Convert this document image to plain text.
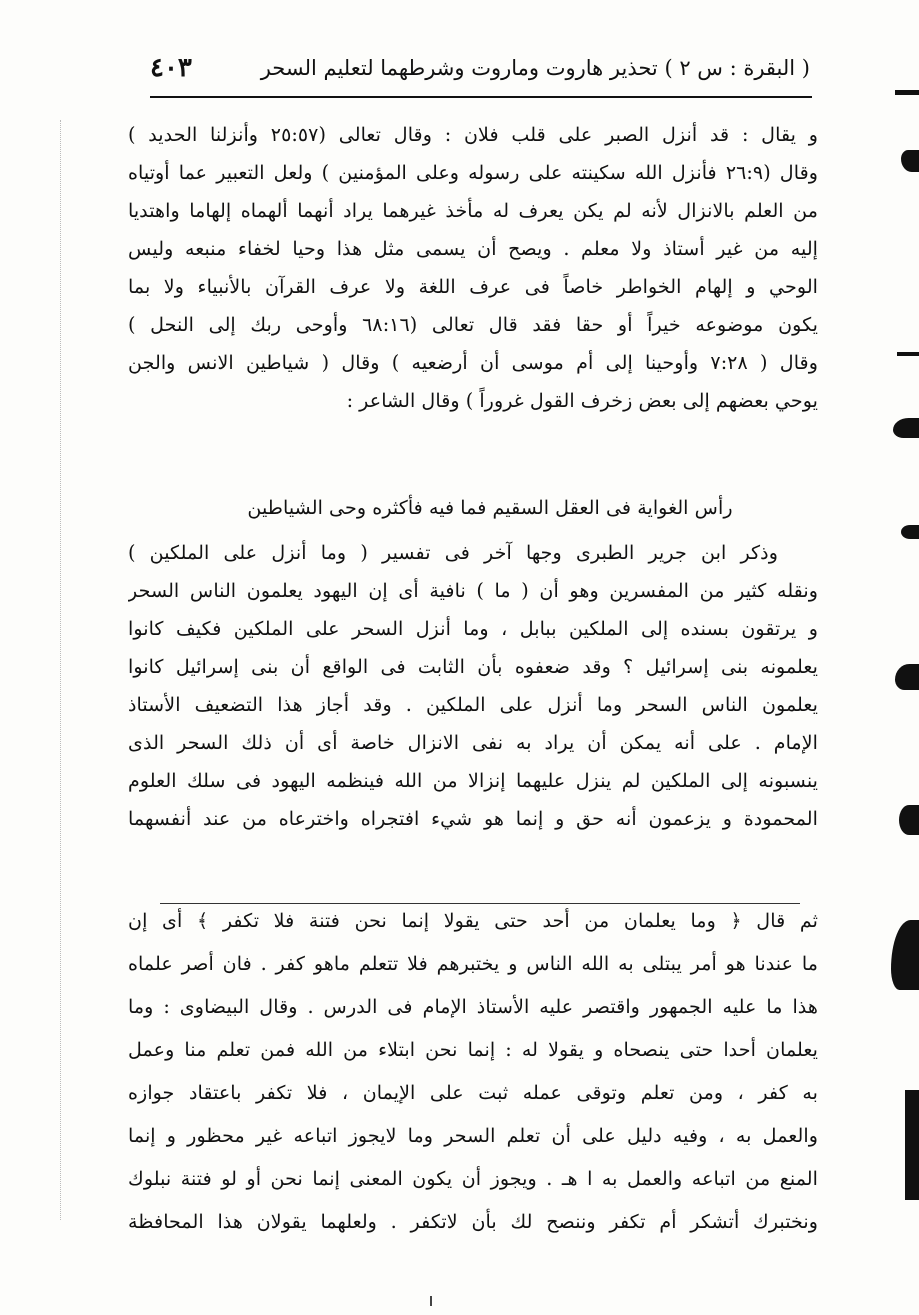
( البقرة : س ٢ ) تحذير هاروت وماروت وشرطهما لتعليم السحر
٤٠٣
و يقال : قد أنزل الصبر على قلب فلان : وقال تعالى (٢٥:٥٧ وأنزلنا الحديد )
وقال (٢٦:٩ فأنزل الله سكينته على رسوله وعلى المؤمنين ) ولعل التعبير عما أوتياه
من العلم بالانزال لأنه لم يكن يعرف له مأخذ غيرهما يراد أنهما ألهماه إلهاما واهتديا
إليه من غير أستاذ ولا معلم . ويصح أن يسمى مثل هذا وحيا لخفاء منبعه وليس
الوحي و إلهام الخواطر خاصاً فى عرف اللغة ولا عرف القرآن بالأنبياء ولا بما
يكون موضوعه خيراً أو حقا فقد قال تعالى (٦٨:١٦ وأوحى ربك إلى النحل )
وقال ( ٧:٢٨ وأوحينا إلى أم موسى أن أرضعيه ) وقال ( شياطين الانس والجن
يوحي بعضهم إلى بعض زخرف القول غروراً ) وقال الشاعر :
رأس الغواية فى العقل السقيم فما فيه فأكثره وحى الشياطين
وذكر ابن جرير الطبرى وجها آخر فى تفسير ( وما أنزل على الملكين )
ونقله كثير من المفسرين وهو أن ( ما ) نافية أى إن اليهود يعلمون الناس السحر
و يرتقون بسنده إلى الملكين ببابل ، وما أنزل السحر على الملكين فكيف كانوا
يعلمونه بنى إسرائيل ؟ وقد ضعفوه بأن الثابت فى الواقع أن بنى إسرائيل كانوا
يعلمون الناس السحر وما أنزل على الملكين . وقد أجاز هذا التضعيف الأستاذ
الإمام . على أنه يمكن أن يراد به نفى الانزال خاصة أى أن ذلك السحر الذى
ينسبونه إلى الملكين لم ينزل عليهما إنزالا من الله فينظمه اليهود فى سلك العلوم
المحمودة و يزعمون أنه حق و إنما هو شيء افتجراه واخترعاه من عند أنفسهما
ثم قال ﴿ وما يعلمان من أحد حتى يقولا إنما نحن فتنة فلا تكفر ﴾ أى إن
ما عندنا هو أمر يبتلى به الله الناس و يختبرهم فلا تتعلم ماهو كفر . فان أصر علماه
هذا ما عليه الجمهور واقتصر عليه الأستاذ الإمام فى الدرس . وقال البيضاوى : وما
يعلمان أحدا حتى ينصحاه و يقولا له : إنما نحن ابتلاء من الله فمن تعلم منا وعمل
به كفر ، ومن تعلم وتوقى عمله ثبت على الإيمان ، فلا تكفر باعتقاد جوازه
والعمل به ، وفيه دليل على أن تعلم السحر وما لايجوز اتباعه غير محظور و إنما
المنع من اتباعه والعمل به ا هـ . ويجوز أن يكون المعنى إنما نحن أو لو فتنة نبلوك
ونختبرك أتشكر أم تكفر وننصح لك بأن لاتكفر . ولعلهما يقولان هذا المحافظة
